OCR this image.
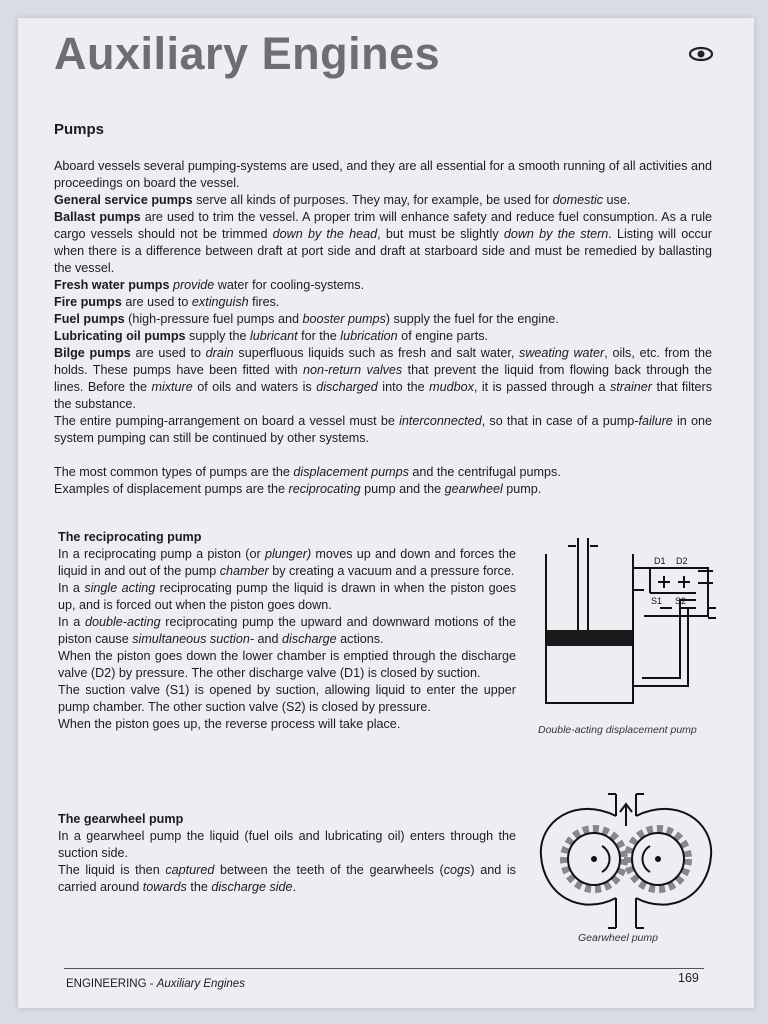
Auxiliary Engines
Pumps

Aboard vessels several pumping-systems are used, and they are all essential for a smooth running of all activities and proceedings on board the vessel.

General service pumps serve all kinds of purposes. They may, for example, be used for domestic use.

Ballast pumps are used to trim the vessel. A proper trim will enhance safety and reduce fuel consumption. As a rule cargo vessels should not be trimmed down by the head, but must be slightly down by the stern. Listing will occur when there is a difference between draft at port side and draft at starboard side and must be remedied by ballasting the vessel.

Fresh water pumps provide water for cooling-systems.

Fire pumps are used to extinguish fires.

Fuel pumps (high-pressure fuel pumps and booster pumps) supply the fuel for the engine.

Lubricating oil pumps supply the lubricant for the lubrication of engine parts.

Bilge pumps are used to drain superfluous liquids such as fresh and salt water, sweating water, oils, etc. from the holds. These pumps have been fitted with non-return valves that prevent the liquid from flowing back through the lines. Before the mixture of oils and waters is discharged into the mudbox, it is passed through a strainer that filters the substance.

The entire pumping-arrangement on board a vessel must be interconnected, so that in case of a pump-failure in one system pumping can still be continued by other systems.

The most common types of pumps are the displacement pumps and the centrifugal pumps.

Examples of displacement pumps are the reciprocating pump and the gearwheel pump.

The reciprocating pump

In a reciprocating pump a piston (or plunger) moves up and down and forces the liquid in and out of the pump chamber by creating a vacuum and a pressure force.

In a single acting reciprocating pump the liquid is drawn in when the piston goes up, and is forced out when the piston goes down.

In a double-acting reciprocating pump the upward and downward motions of the piston cause simultaneous suction- and discharge actions.

When the piston goes down the lower chamber is emptied through the discharge valve (D2) by pressure. The other discharge valve (D1) is closed by suction.

The suction valve (S1) is opened by suction, allowing liquid to enter the upper pump chamber. The other suction valve (S2) is closed by pressure.

When the piston goes up, the reverse process will take place.

D1 D2
S1 S2
Double-acting displacement pump
The gearwheel pump

In a gearwheel pump the liquid (fuel oils and lubricating oil) enters through the suction side.

The liquid is then captured between the teeth of the gearwheels (cogs) and is carried around towards the discharge side.

Gearwheel pump
ENGINEERING - Auxiliary Engines	169
